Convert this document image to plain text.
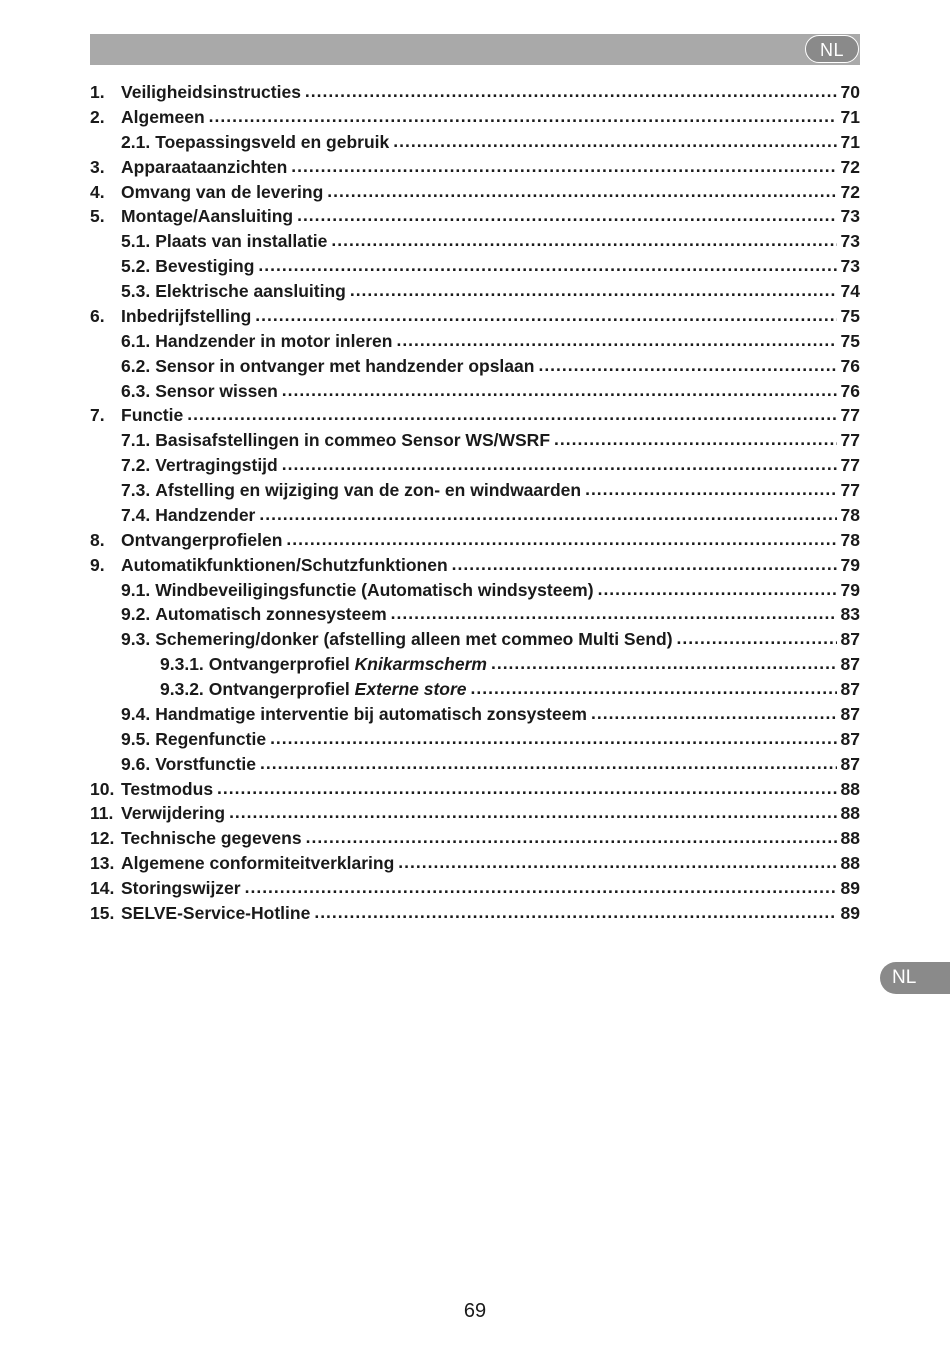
NL
1. Veiligheidsinstructies .....	70
2. Algemeen .....	71
2.1. Toepassingsveld en gebruik .....	71
3. Apparaataanzichten .....	72
4. Omvang van de levering .....	72
5. Montage/Aansluiting .....	73
5.1. Plaats van installatie .....	73
5.2. Bevestiging .....	73
5.3. Elektrische aansluiting .....	74
6. Inbedrijfstelling .....	75
6.1. Handzender in motor inleren .....	75
6.2. Sensor in ontvanger met handzender opslaan .....	76
6.3. Sensor wissen .....	76
7. Functie .....	77
7.1. Basisafstellingen in commeo Sensor WS/WSRF .....	77
7.2. Vertragingstijd .....	77
7.3. Afstelling en wijziging van de zon- en windwaarden .....	77
7.4. Handzender .....	78
8. Ontvangerprofielen .....	78
9. Automatikfunktionen/Schutzfunktionen .....	79
9.1. Windbeveiligingsfunctie (Automatisch windsysteem) .....	79
9.2. Automatisch zonnesysteem .....	83
9.3. Schemering/donker (afstelling alleen met commeo Multi Send) .....	87
9.3.1. Ontvangerprofiel Knikarmscherm .....	87
9.3.2. Ontvangerprofiel Externe store .....	87
9.4. Handmatige interventie bij automatisch zonsysteem .....	87
9.5. Regenfunctie .....	87
9.6. Vorstfunctie .....	87
10. Testmodus .....	88
11. Verwijdering .....	88
12. Technische gegevens .....	88
13. Algemene conformiteitverklaring .....	88
14. Storingswijzer .....	89
15. SELVE-Service-Hotline .....	89
NL
69
